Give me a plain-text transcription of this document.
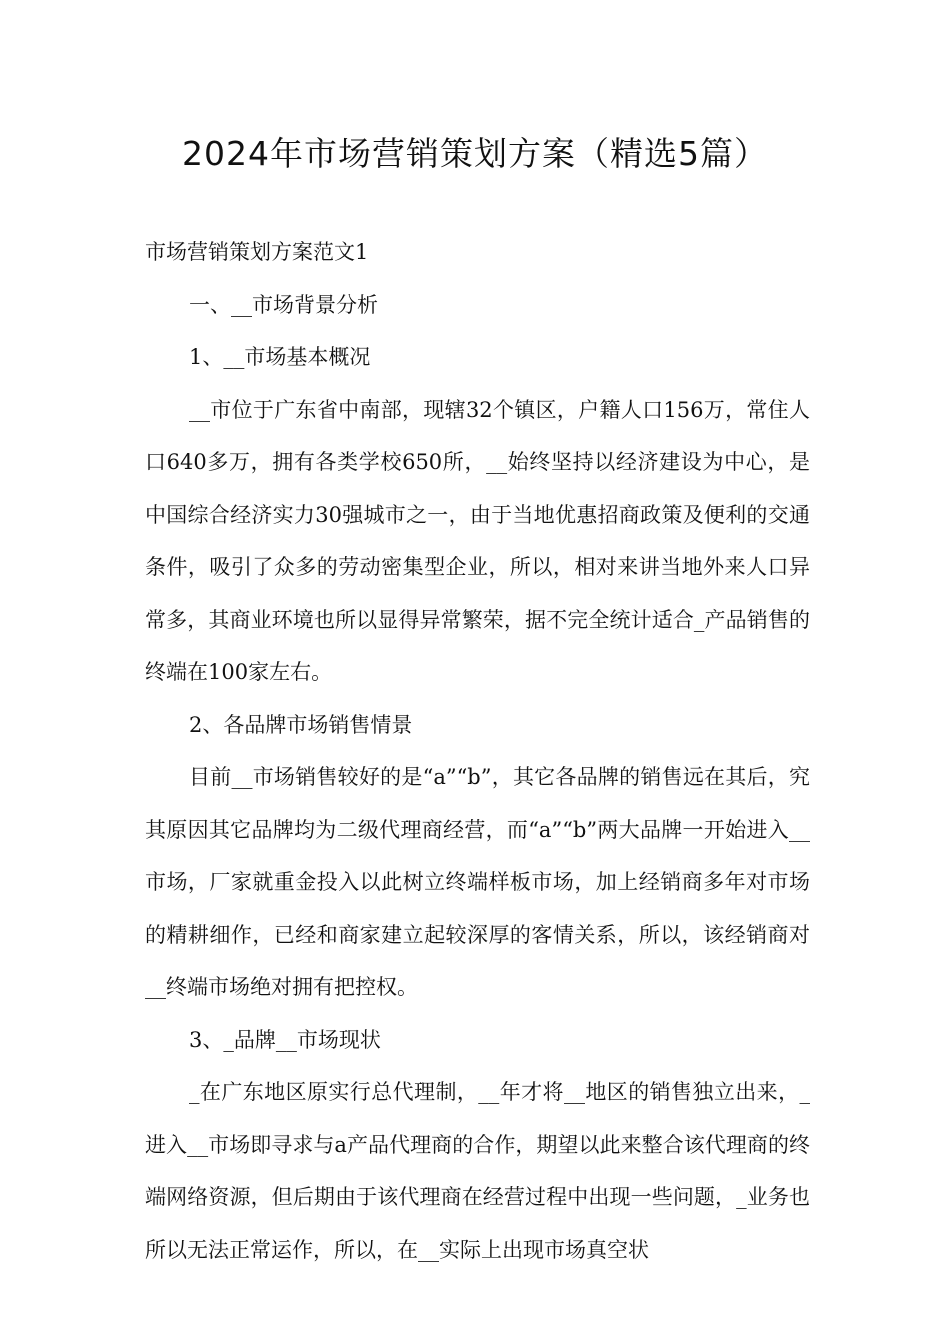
2024年市场营销策划方案（精选5篇）

市场营销策划方案范文1

一、__市场背景分析

1、__市场基本概况

__市位于广东省中南部，现辖32个镇区，户籍人口156万，常住人口640多万，拥有各类学校650所，__始终坚持以经济建设为中心，是中国综合经济实力30强城市之一，由于当地优惠招商政策及便利的交通条件，吸引了众多的劳动密集型企业，所以，相对来讲当地外来人口异常多，其商业环境也所以显得异常繁荣，据不完全统计适合_产品销售的终端在100家左右。

2、各品牌市场销售情景

目前__市场销售较好的是“a”“b”，其它各品牌的销售远在其后，究其原因其它品牌均为二级代理商经营，而“a”“b”两大品牌一开始进入__市场，厂家就重金投入以此树立终端样板市场，加上经销商多年对市场的精耕细作，已经和商家建立起较深厚的客情关系，所以，该经销商对__终端市场绝对拥有把控权。

3、_品牌__市场现状

_在广东地区原实行总代理制，__年才将__地区的销售独立出来，_进入__市场即寻求与a产品代理商的合作，期望以此来整合该代理商的终端网络资源，但后期由于该代理商在经营过程中出现一些问题，_业务也所以无法正常运作，所以，在__实际上出现市场真空状
